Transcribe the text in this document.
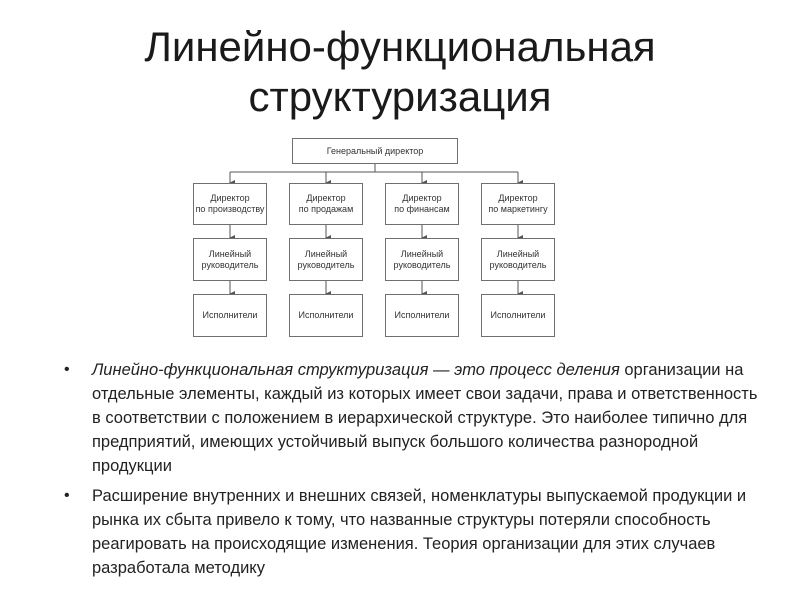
Линейно-функциональная
структуризация
Генеральный директор
Директор
по производству
Директор
по продажам
Директор
по финансам
Директор
по маркетингу
Линейный
руководитель
Линейный
руководитель
Линейный
руководитель
Линейный
руководитель
Исполнители	Исполнители	Исполнители	Исполнители
• Линейно-функциональная структуризация — это процесс деления организации на отдельные элементы, каждый из которых имеет свои задачи, права и ответственность в соответствии с положением в иерархической структуре. Это наиболее типично для предприятий, имеющих устойчивый выпуск большого количества разнородной продукции
• Расширение внутренних и внешних связей, номенклатуры выпускаемой продукции и рынка их сбыта привело к тому, что названные структуры потеряли способность реагировать на происходящие изменения. Теория организации для этих случаев разработала методику
